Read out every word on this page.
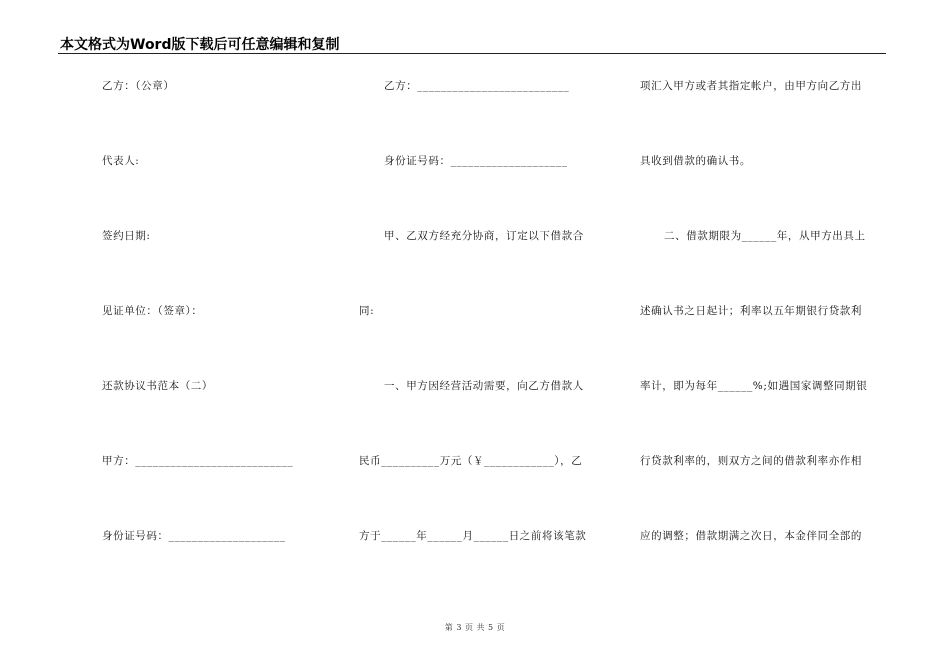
本文格式为Word版下载后可任意编辑和复制
乙方：（公章）
代表人:
签约日期:
见证单位：（签章）：
还款协议书范本（二）
甲方：___________________________
身份证号码：____________________
乙方：__________________________
身份证号码：____________________
甲、乙双方经充分协商，订定以下借款合
同:
一、甲方因经营活动需要，向乙方借款人
民币__________万元（￥____________），乙
方于______年______月______日之前将该笔款
项汇入甲方或者其指定帐户，由甲方向乙方出
具收到借款的确认书。
二、借款期限为______年，从甲方出具上
述确认书之日起计；利率以五年期银行贷款利
率计，即为每年______%;如遇国家调整同期银
行贷款利率的，则双方之间的借款利率亦作相
应的调整；借款期满之次日，本金伴同全部的
第 3 页 共 5 页
